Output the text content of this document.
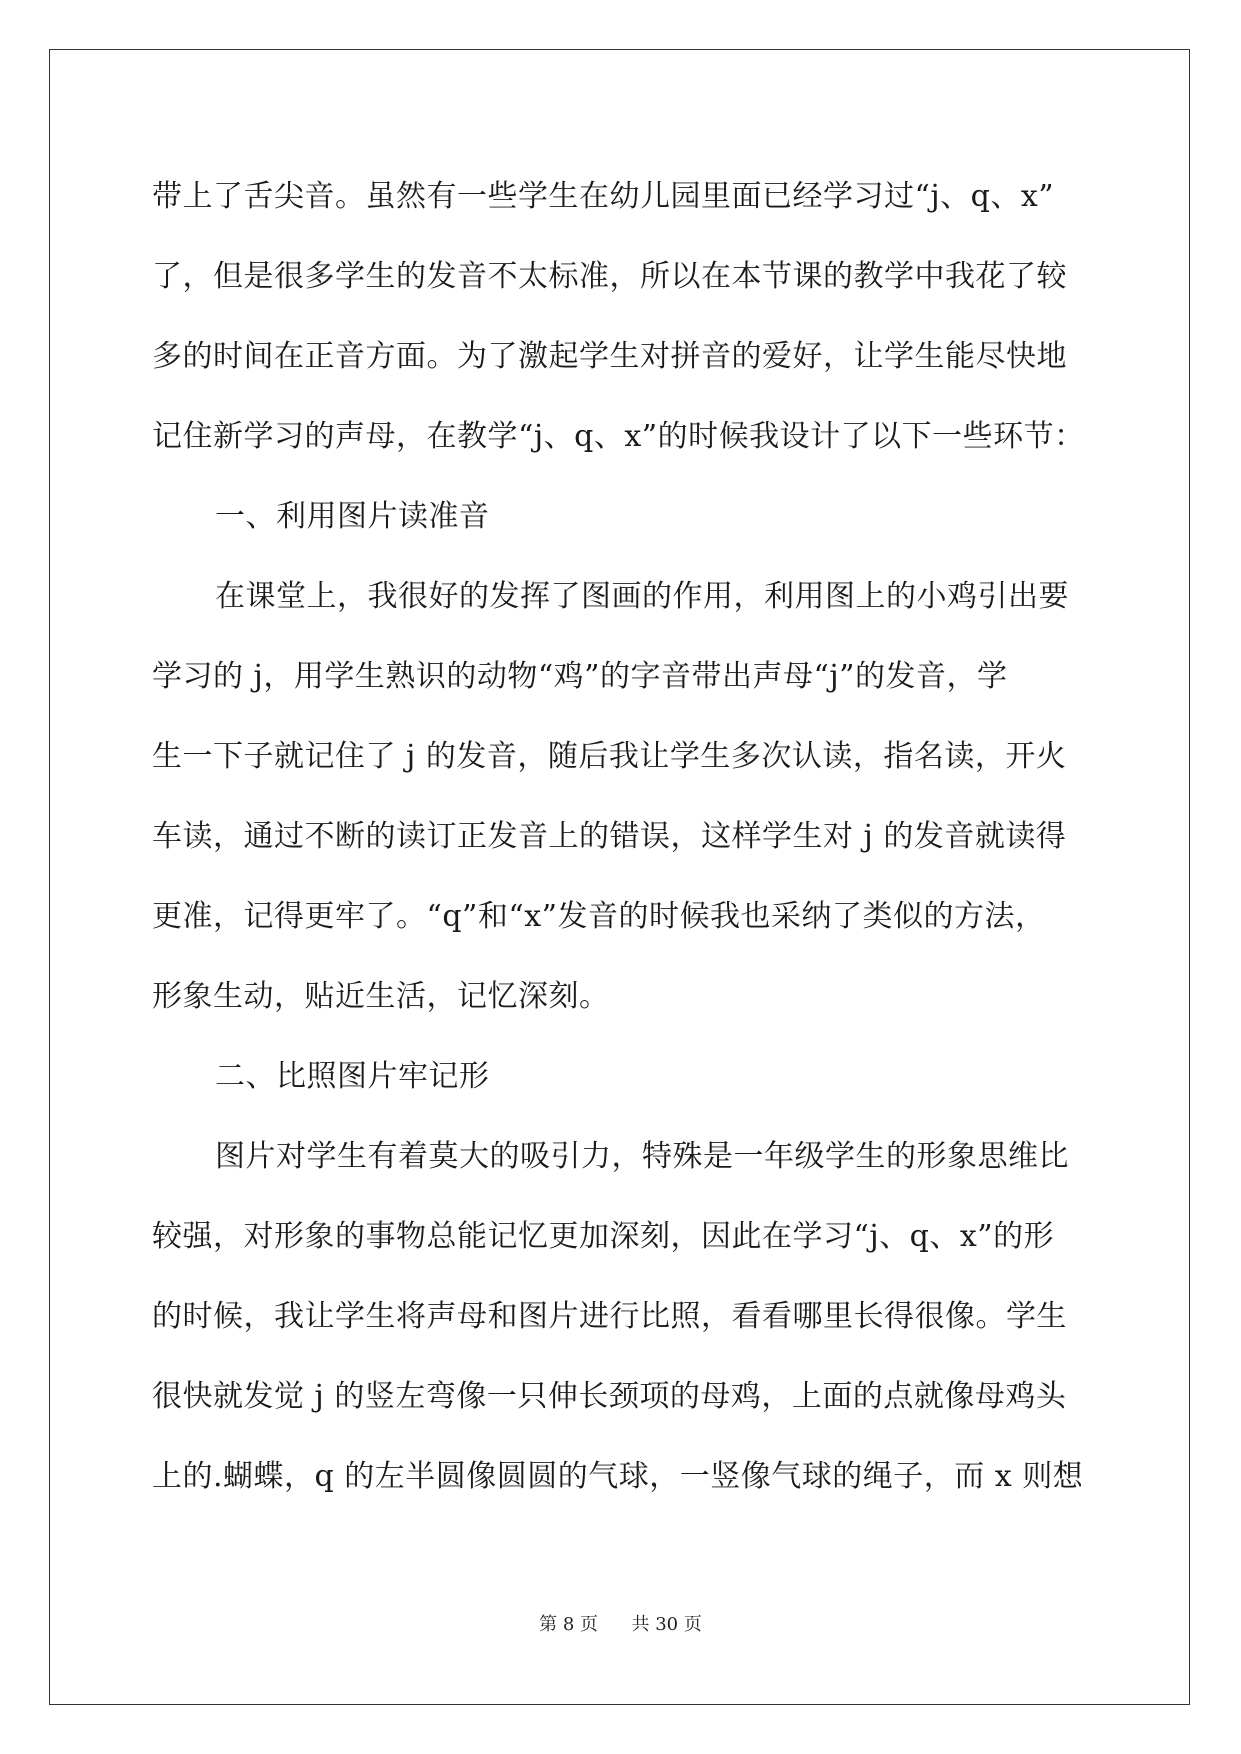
带上了舌尖音。虽然有一些学生在幼儿园里面已经学习过“j、q、x”
了，但是很多学生的发音不太标准，所以在本节课的教学中我花了较
多的时间在正音方面。为了激起学生对拼音的爱好，让学生能尽快地
记住新学习的声母，在教学“j、q、x”的时候我设计了以下一些环节：
一、利用图片读准音
在课堂上，我很好的发挥了图画的作用，利用图上的小鸡引出要
学习的 j，用学生熟识的动物“鸡”的字音带出声母“j”的发音，学
生一下子就记住了 j 的发音，随后我让学生多次认读，指名读，开火
车读，通过不断的读订正发音上的错误，这样学生对 j 的发音就读得
更准，记得更牢了。“q”和“x”发音的时候我也采纳了类似的方法，
形象生动，贴近生活，记忆深刻。
二、比照图片牢记形
图片对学生有着莫大的吸引力，特殊是一年级学生的形象思维比
较强，对形象的事物总能记忆更加深刻，因此在学习“j、q、x”的形
的时候，我让学生将声母和图片进行比照，看看哪里长得很像。学生
很快就发觉 j 的竖左弯像一只伸长颈项的母鸡，上面的点就像母鸡头
上的.蝴蝶，q 的左半圆像圆圆的气球，一竖像气球的绳子，而 x 则想
第 8 页 共 30 页
